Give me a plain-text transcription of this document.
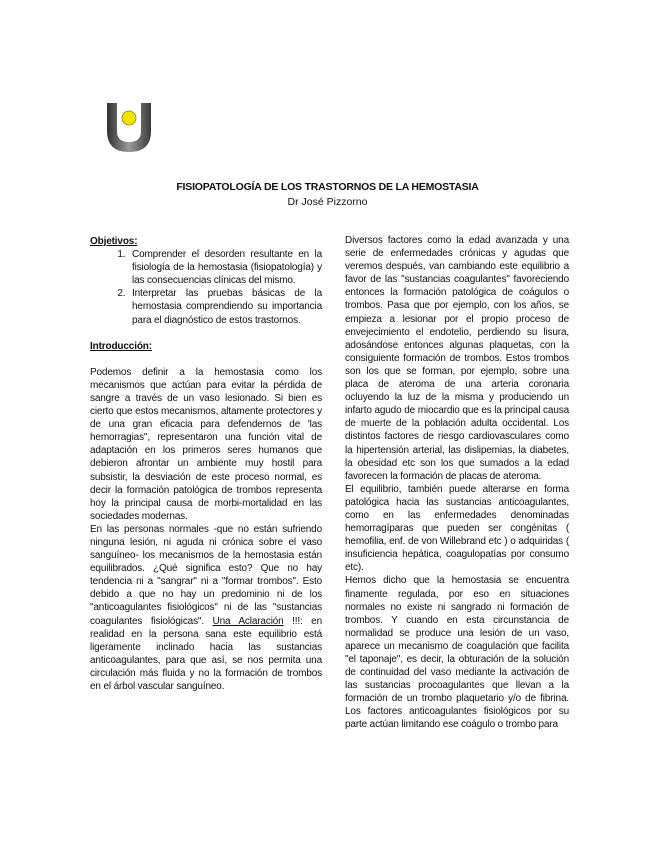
FISIOPATOLOGÍA DE LOS TRASTORNOS DE LA HEMOSTASIA
Dr José Pizzorno

Objetivos:

1. Comprender el desorden resultante en la fisiología de la hemostasia (fisiopatología) y las consecuencias clínicas del mismo.
2. Interpretar las pruebas básicas de la hemostasia comprendiendo su importancia para el diagnóstico de estos trastornos.

Introducción:

Podemos definir a la hemostasia como los mecanismos que actúan para evitar la pérdida de sangre a través de un vaso lesionado. Si bien es cierto que estos mecanismos, altamente protectores y de una gran eficacia para defendernos de 'las hemorragias", representaron una función vital de adaptación en los primeros seres humanos que debieron afrontar un ambiente muy hostil para subsistir, la desviación de este proceso normal, es decir la formación patológica de trombos representa hoy la principal causa de morbi-mortalidad en las sociedades modernas.

En las personas normales -que no están sufriendo ninguna lesión, ni aguda ni crónica sobre el vaso sanguíneo- los mecanismos de la hemostasia están equilibrados. ¿Qué significa esto? Que no hay tendencia ni a "sangrar" ni a "formar trombos". Esto debido a que no hay un predominio ni de los "anticoagulantes fisiológicos" ni de las "sustancias coagulantes fisiológicas". Una Aclaración !!!: en realidad en la persona sana este equilibrio está ligeramente inclinado hacia las sustancias anticoagulantes, para que así, se nos permita una circulación más fluida y no la formación de trombos en el árbol vascular sanguíneo.

Diversos factores como la edad avanzada y una serie de enfermedades crónicas y agudas que veremos después, van cambiando este equilibrio a favor de las "sustancias coagulantes" favoreciendo entonces la formación patológica de coágulos o trombos. Pasa que por ejemplo, con los años, se empieza a lesionar por el propio proceso de envejecimiento el endotelio, perdiendo su lisura, adosándose entonces algunas plaquetas, con la consiguiente formación de trombos. Estos trombos son los que se forman, por ejemplo, sobre una placa de ateroma de una arteria coronaria ocluyendo la luz de la misma y produciendo un infarto agudo de miocardio que es la principal causa de muerte de la población adulta occidental. Los distintos factores de riesgo cardiovasculares como la hipertensión arterial, las dislipemias, la diabetes, la obesidad etc son los que sumados a la edad favorecen la formación de placas de ateroma.

El equilibrio, también puede alterarse en forma patológica hacia las sustancias anticoagulantes, como en las enfermedades denominadas hemorragíparas que pueden ser congénitas ( hemofilia, enf. de von Willebrand etc ) o adquiridas ( insuficiencia hepática, coagulopatías por consumo etc).

Hemos dicho que la hemostasia se encuentra finamente regulada, por eso en situaciones normales no existe ni sangrado ni formación de trombos. Y cuando en esta circunstancia de normalidad se produce una lesión de un vaso, aparece un mecanismo de coagulación que facilita "el taponaje", es decir, la obturación de la solución de continuidad del vaso mediante la activación de las sustancias procoagulantes que llevan a la formación de un trombo plaquetario y/o de fibrina. Los factores anticoagulantes fisiológicos por su parte actúan limitando ese coágulo o trombo para
